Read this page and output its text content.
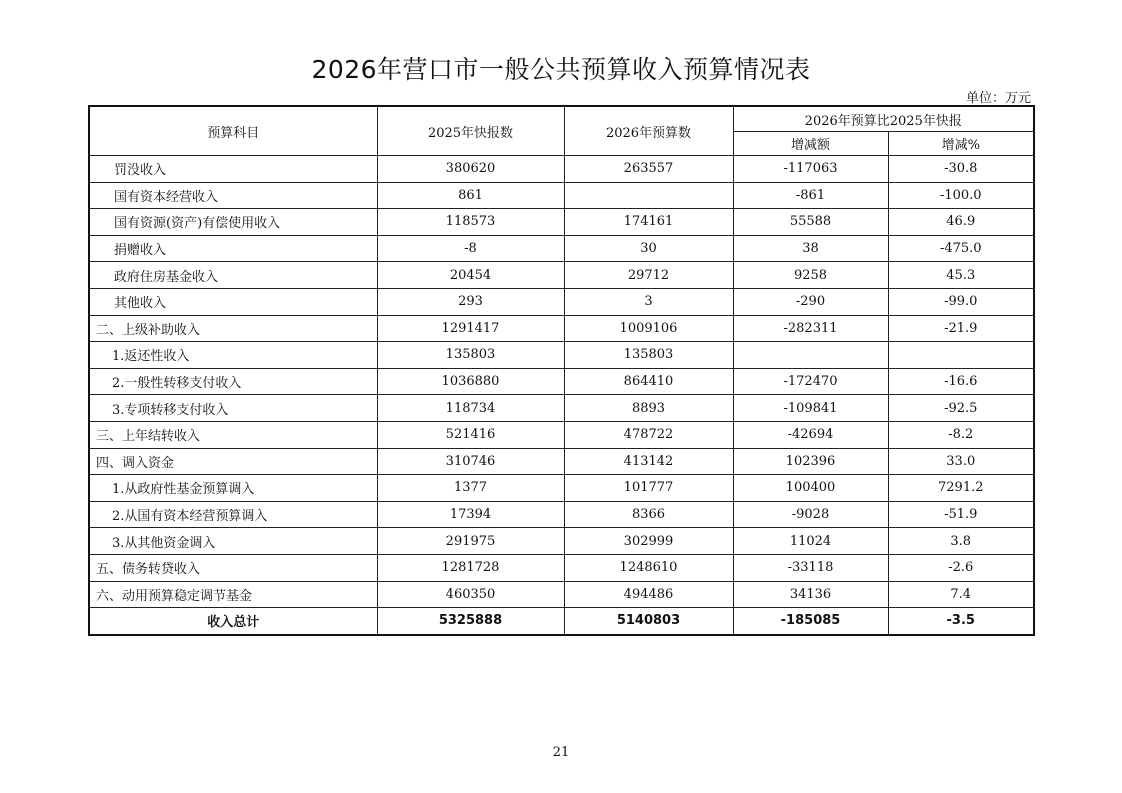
2026年营口市一般公共预算收入预算情况表
单位：万元
预算科目	2025年快报数	2026年预算数	2026年预算比2025年快报	
			增减额	增减%
罚没收入	380620	263557	-117063	-30.8
国有资本经营收入	861		-861	-100.0
国有资源(资产)有偿使用收入	118573	174161	55588	46.9
捐赠收入	-8	30	38	-475.0
政府住房基金收入	20454	29712	9258	45.3
其他收入	293	3	-290	-99.0
二、上级补助收入	1291417	1009106	-282311	-21.9
1.返还性收入	135803	135803		
2.一般性转移支付收入	1036880	864410	-172470	-16.6
3.专项转移支付收入	118734	8893	-109841	-92.5
三、上年结转收入	521416	478722	-42694	-8.2
四、调入资金	310746	413142	102396	33.0
1.从政府性基金预算调入	1377	101777	100400	7291.2
2.从国有资本经营预算调入	17394	8366	-9028	-51.9
3.从其他资金调入	291975	302999	11024	3.8
五、债务转贷收入	1281728	1248610	-33118	-2.6
六、动用预算稳定调节基金	460350	494486	34136	7.4
收入总计	5325888	5140803	-185085	-3.5
21
